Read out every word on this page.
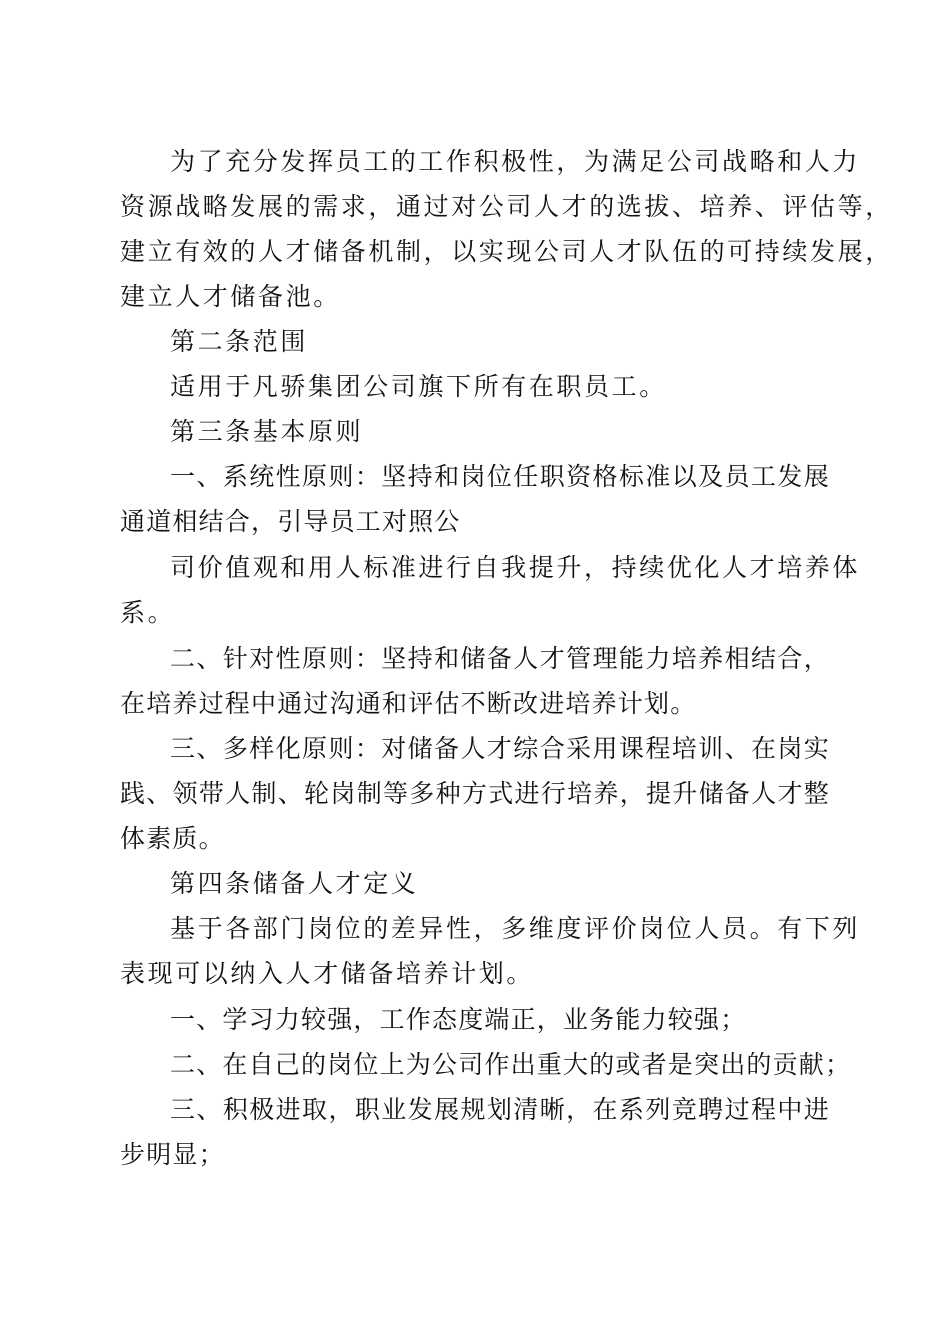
为了充分发挥员工的工作积极性，为满足公司战略和人力
资源战略发展的需求，通过对公司人才的选拔、培养、评估等，
建立有效的人才储备机制，以实现公司人才队伍的可持续发展，
建立人才储备池。
第二条范围
适用于凡骄集团公司旗下所有在职员工。
第三条基本原则
一、系统性原则：坚持和岗位任职资格标准以及员工发展
通道相结合，引导员工对照公
司价值观和用人标准进行自我提升，持续优化人才培养体
系。
二、针对性原则：坚持和储备人才管理能力培养相结合，
在培养过程中通过沟通和评估不断改进培养计划。
三、多样化原则：对储备人才综合采用课程培训、在岗实
践、领带人制、轮岗制等多种方式进行培养，提升储备人才整
体素质。
第四条储备人才定义
基于各部门岗位的差异性，多维度评价岗位人员。有下列
表现可以纳入人才储备培养计划。
一、学习力较强，工作态度端正，业务能力较强；
二、在自己的岗位上为公司作出重大的或者是突出的贡献；
三、积极进取，职业发展规划清晰，在系列竞聘过程中进
步明显；
